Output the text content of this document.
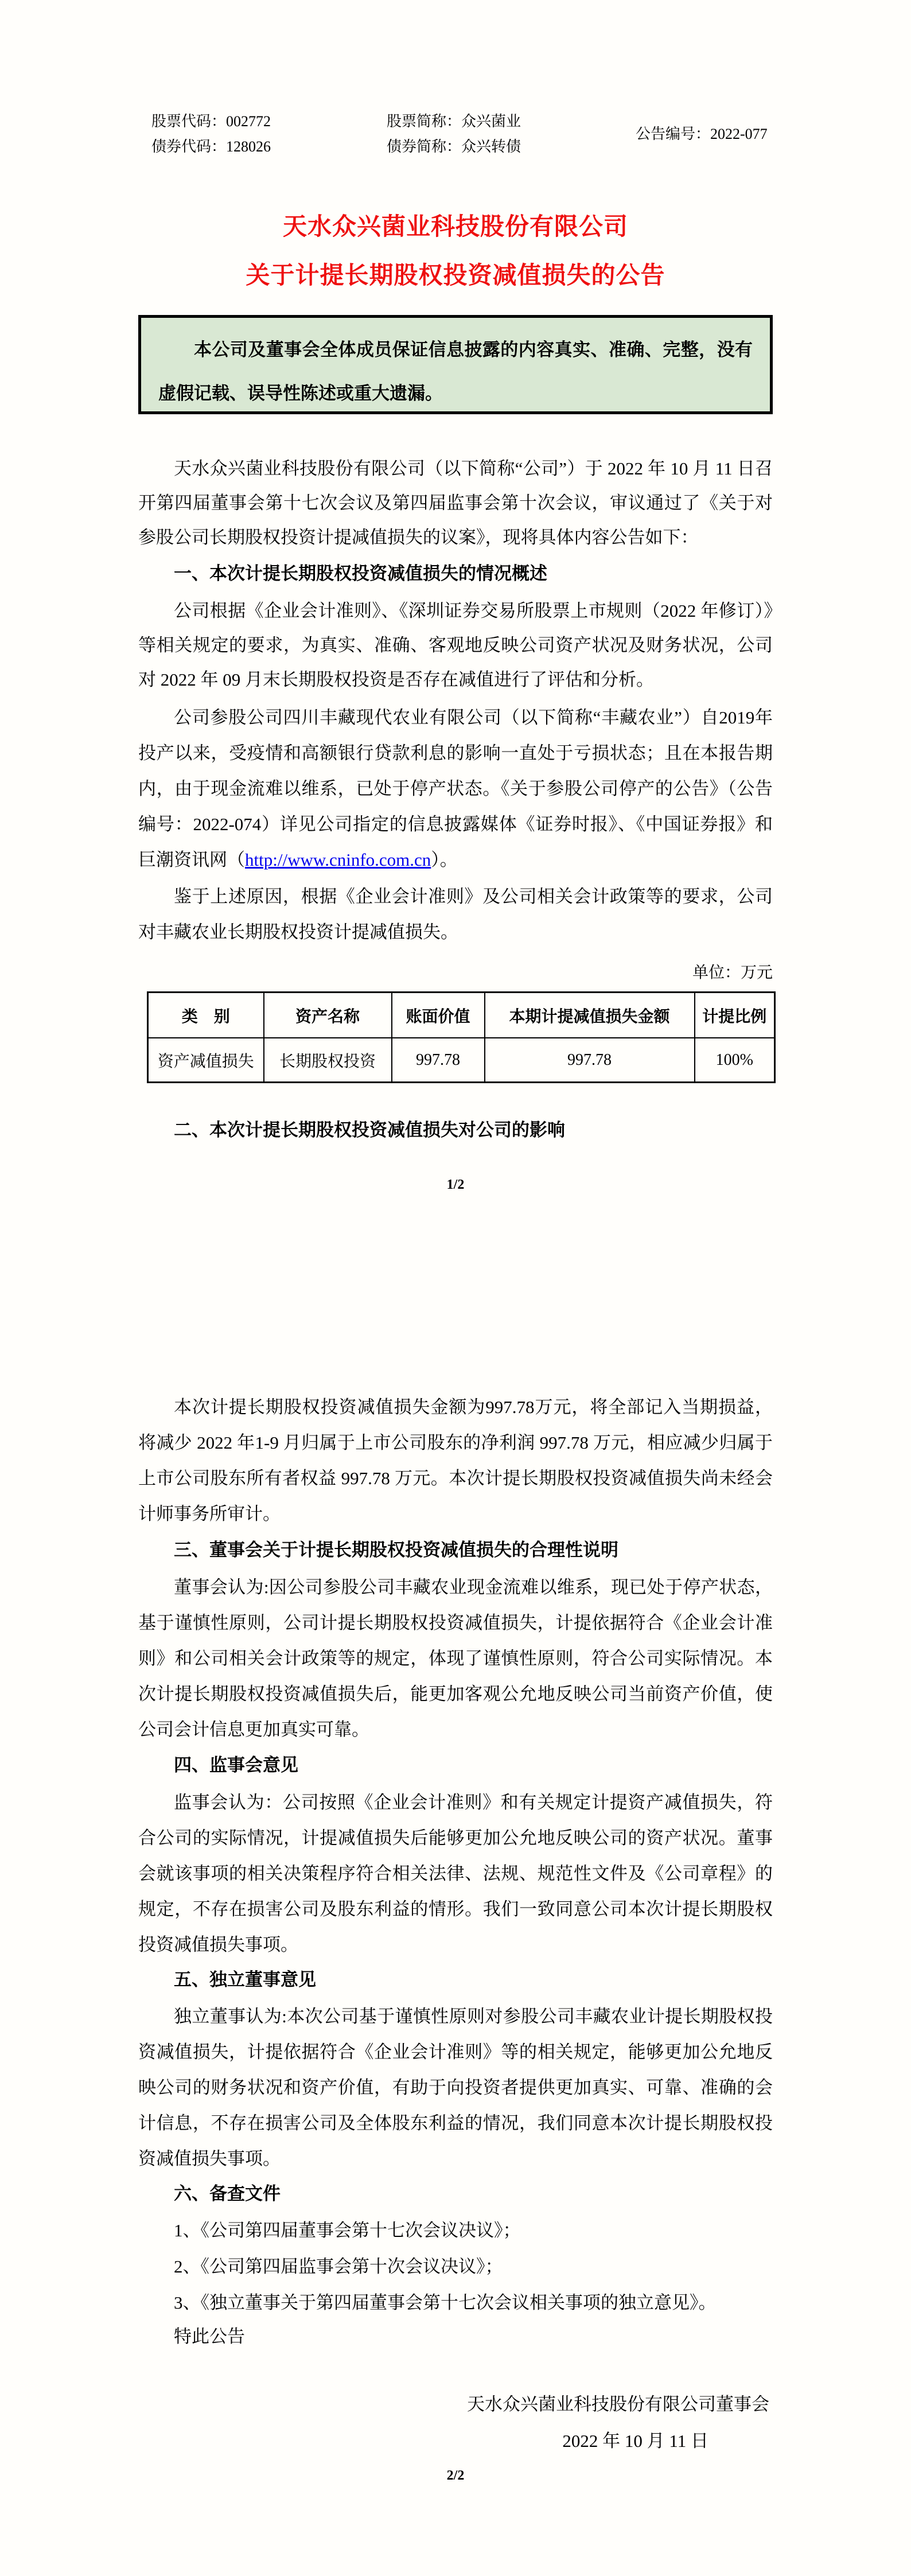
股票代码：002772	股票简称：众兴菌业
债券代码：128026	债券简称：众兴转债
公告编号：2022-077
天水众兴菌业科技股份有限公司
关于计提长期股权投资减值损失的公告

本公司及董事会全体成员保证信息披露的内容真实、准确、完整，没有虚假记载、误导性陈述或重大遗漏。

天水众兴菌业科技股份有限公司（以下简称“公司”）于 2022 年 10 月 11 日召开第四届董事会第十七次会议及第四届监事会第十次会议，审议通过了《关于对参股公司长期股权投资计提减值损失的议案》，现将具体内容公告如下：

一、本次计提长期股权投资减值损失的情况概述

公司根据《企业会计准则》、《深圳证券交易所股票上市规则（2022 年修订）》等相关规定的要求，为真实、准确、客观地反映公司资产状况及财务状况，公司对 2022 年 09 月末长期股权投资是否存在减值进行了评估和分析。

公司参股公司四川丰藏现代农业有限公司（以下简称“丰藏农业”）自2019年投产以来，受疫情和高额银行贷款利息的影响一直处于亏损状态；且在本报告期内，由于现金流难以维系，已处于停产状态。《关于参股公司停产的公告》（公告编号：2022-074）详见公司指定的信息披露媒体《证券时报》、《中国证券报》和巨潮资讯网（http://www.cninfo.com.cn）。

鉴于上述原因，根据《企业会计准则》及公司相关会计政策等的要求，公司对丰藏农业长期股权投资计提减值损失。

单位：万元
类　别	资产名称	账面价值	本期计提减值损失金额	计提比例
资产减值损失	长期股权投资	997.78	997.78	100%
二、本次计提长期股权投资减值损失对公司的影响
1/2

本次计提长期股权投资减值损失金额为997.78万元，将全部记入当期损益，将减少 2022 年1-9 月归属于上市公司股东的净利润 997.78 万元，相应减少归属于上市公司股东所有者权益 997.78 万元。本次计提长期股权投资减值损失尚未经会计师事务所审计。

三、董事会关于计提长期股权投资减值损失的合理性说明

董事会认为:因公司参股公司丰藏农业现金流难以维系，现已处于停产状态，基于谨慎性原则，公司计提长期股权投资减值损失，计提依据符合《企业会计准则》和公司相关会计政策等的规定，体现了谨慎性原则，符合公司实际情况。本次计提长期股权投资减值损失后，能更加客观公允地反映公司当前资产价值，使公司会计信息更加真实可靠。

四、监事会意见

监事会认为：公司按照《企业会计准则》和有关规定计提资产减值损失，符合公司的实际情况，计提减值损失后能够更加公允地反映公司的资产状况。董事会就该事项的相关决策程序符合相关法律、法规、规范性文件及《公司章程》的规定，不存在损害公司及股东利益的情形。我们一致同意公司本次计提长期股权投资减值损失事项。

五、独立董事意见

独立董事认为:本次公司基于谨慎性原则对参股公司丰藏农业计提长期股权投资减值损失，计提依据符合《企业会计准则》等的相关规定，能够更加公允地反映公司的财务状况和资产价值，有助于向投资者提供更加真实、可靠、准确的会计信息，不存在损害公司及全体股东利益的情况，我们同意本次计提长期股权投资减值损失事项。

六、备查文件

1、《公司第四届董事会第十七次会议决议》；

2、《公司第四届监事会第十次会议决议》；

3、《独立董事关于第四届董事会第十七次会议相关事项的独立意见》。

特此公告

天水众兴菌业科技股份有限公司董事会
2022 年 10 月 11 日
2/2
